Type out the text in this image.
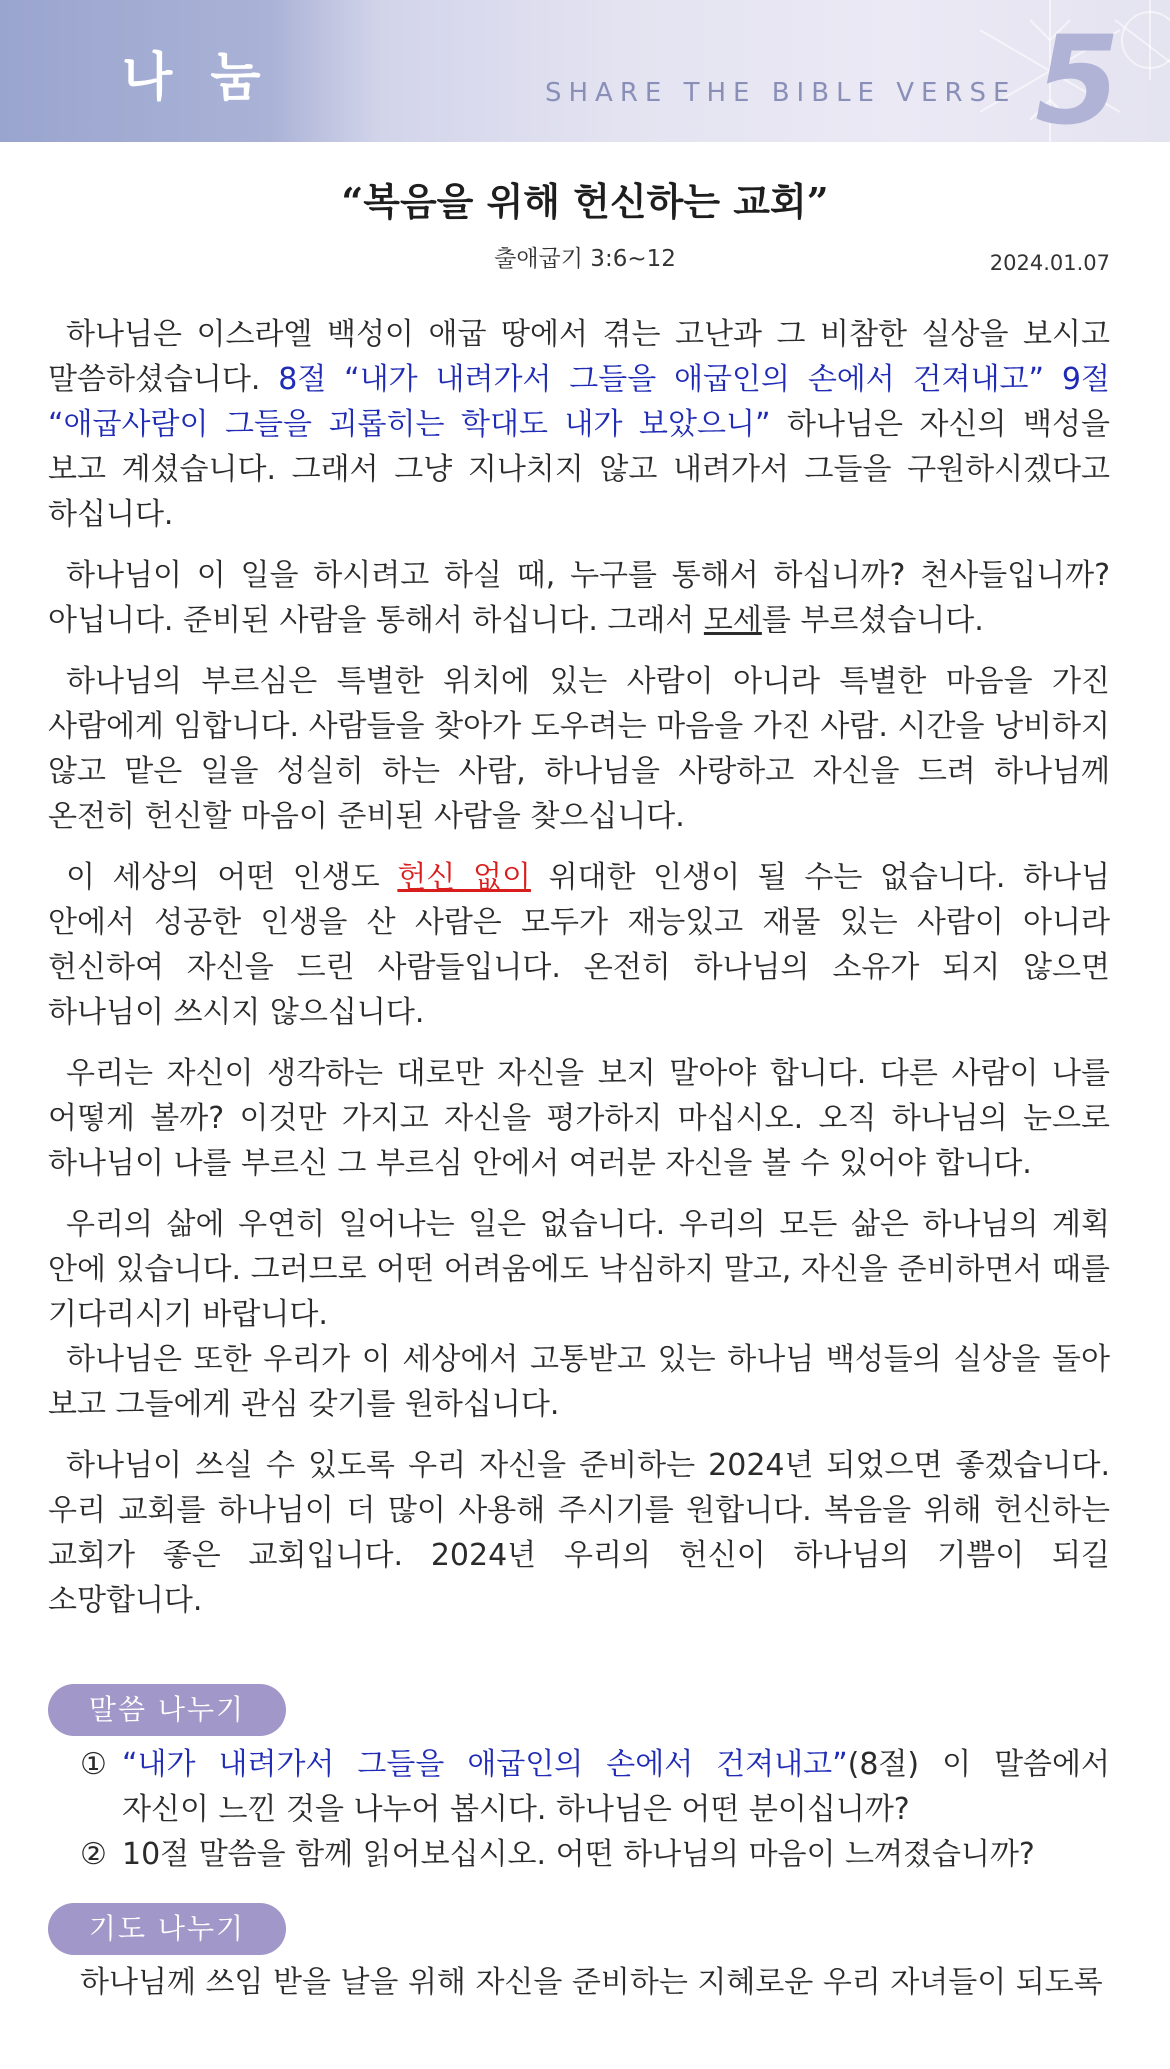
나 눔	SHARE THE BIBLE VERSE 5
“복음을 위해 헌신하는 교회”
출애굽기 3:6~12	2024.01.07

하나님은 이스라엘 백성이 애굽 땅에서 겪는 고난과 그 비참한 실상을 보시고 말씀하셨습니다. 8절 “내가 내려가서 그들을 애굽인의 손에서 건져내고” 9절 “애굽사람이 그들을 괴롭히는 학대도 내가 보았으니” 하나님은 자신의 백성을 보고 계셨습니다. 그래서 그냥 지나치지 않고 내려가서 그들을 구원하시겠다고 하십니다.

하나님이 이 일을 하시려고 하실 때, 누구를 통해서 하십니까? 천사들입니까? 아닙니다. 준비된 사람을 통해서 하십니다. 그래서 모세를 부르셨습니다.

하나님의 부르심은 특별한 위치에 있는 사람이 아니라 특별한 마음을 가진 사람에게 임합니다. 사람들을 찾아가 도우려는 마음을 가진 사람. 시간을 낭비하지 않고 맡은 일을 성실히 하는 사람, 하나님을 사랑하고 자신을 드려 하나님께 온전히 헌신할 마음이 준비된 사람을 찾으십니다.

이 세상의 어떤 인생도 헌신 없이 위대한 인생이 될 수는 없습니다. 하나님 안에서 성공한 인생을 산 사람은 모두가 재능있고 재물 있는 사람이 아니라 헌신하여 자신을 드린 사람들입니다. 온전히 하나님의 소유가 되지 않으면 하나님이 쓰시지 않으십니다.

우리는 자신이 생각하는 대로만 자신을 보지 말아야 합니다. 다른 사람이 나를 어떻게 볼까? 이것만 가지고 자신을 평가하지 마십시오. 오직 하나님의 눈으로 하나님이 나를 부르신 그 부르심 안에서 여러분 자신을 볼 수 있어야 합니다.

우리의 삶에 우연히 일어나는 일은 없습니다. 우리의 모든 삶은 하나님의 계획 안에 있습니다. 그러므로 어떤 어려움에도 낙심하지 말고, 자신을 준비하면서 때를 기다리시기 바랍니다.

하나님은 또한 우리가 이 세상에서 고통받고 있는 하나님 백성들의 실상을 돌아 보고 그들에게 관심 갖기를 원하십니다.

하나님이 쓰실 수 있도록 우리 자신을 준비하는 2024년 되었으면 좋겠습니다. 우리 교회를 하나님이 더 많이 사용해 주시기를 원합니다. 복음을 위해 헌신하는 교회가 좋은 교회입니다. 2024년 우리의 헌신이 하나님의 기쁨이 되길 소망합니다.

말씀 나누기
① “내가 내려가서 그들을 애굽인의 손에서 건져내고”(8절) 이 말씀에서 자신이 느낀 것을 나누어 봅시다. 하나님은 어떤 분이십니까?
② 10절 말씀을 함께 읽어보십시오. 어떤 하나님의 마음이 느껴졌습니까?
기도 나누기
하나님께 쓰임 받을 날을 위해 자신을 준비하는 지혜로운 우리 자녀들이 되도록
